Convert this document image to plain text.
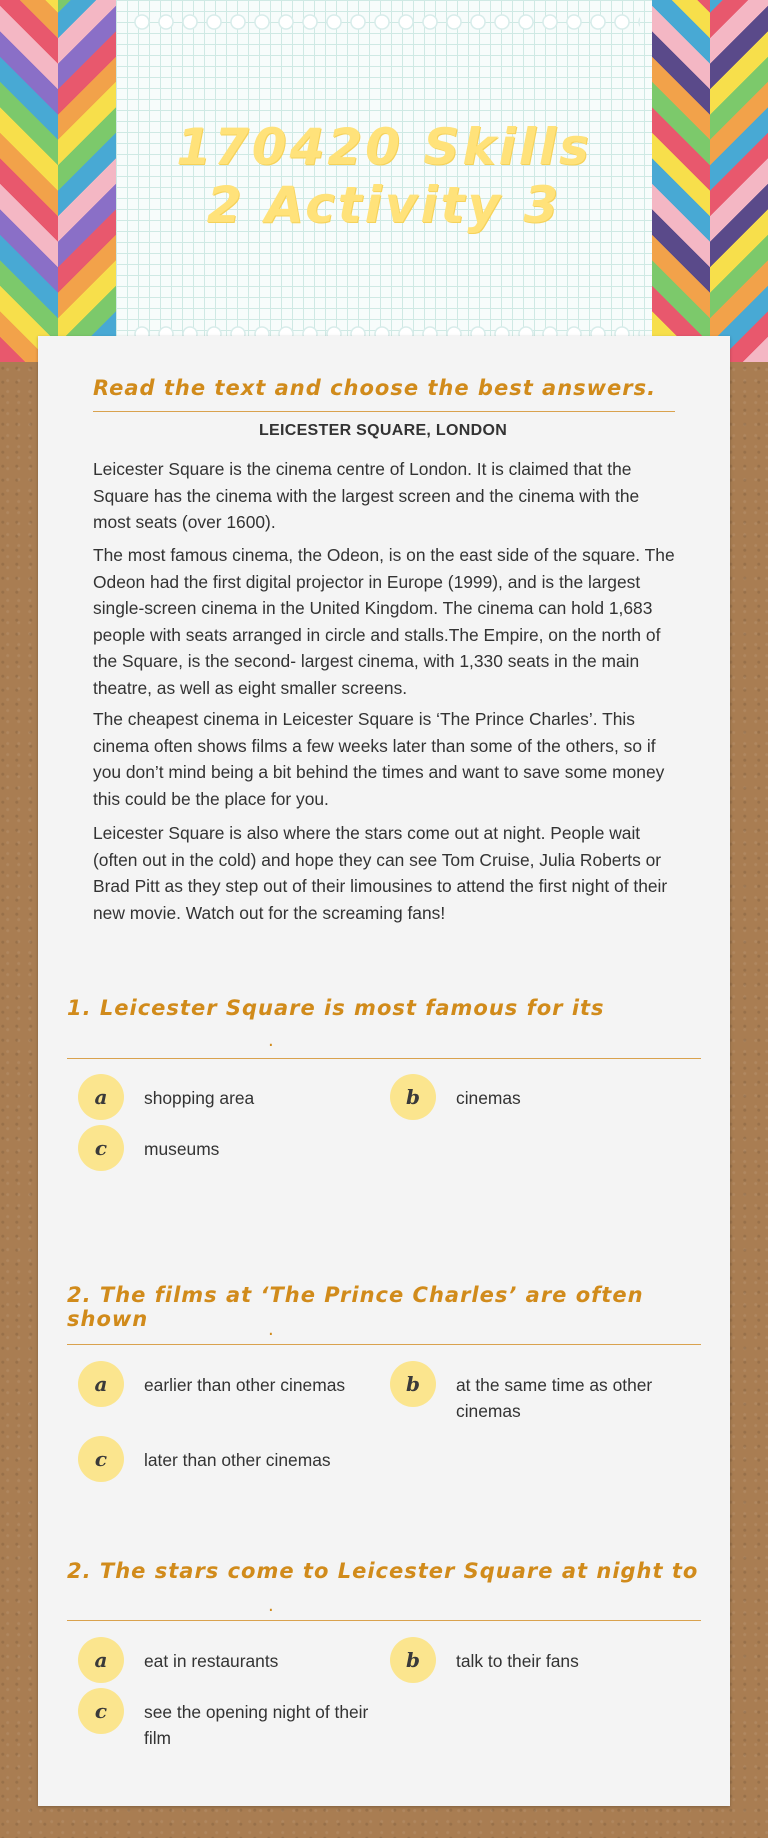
170420 Skills 2 Activity 3
Read the text and choose the best answers.
LEICESTER SQUARE, LONDON
Leicester Square is the cinema centre of London. It is claimed that the Square has the cinema with the largest screen and the cinema with the most seats (over 1600).
The most famous cinema, the Odeon, is on the east side of the square. The Odeon had the first digital projector in Europe (1999), and is the largest single-screen cinema in the United Kingdom. The cinema can hold 1,683 people with seats arranged in circle and stalls.The Empire, on the north of the Square, is the second- largest cinema, with 1,330 seats in the main theatre, as well as eight smaller screens.
The cheapest cinema in Leicester Square is ‘The Prince Charles’. This cinema often shows films a few weeks later than some of the others, so if you don’t mind being a bit behind the times and want to save some money this could be the place for you.
Leicester Square is also where the stars come out at night. People wait (often out in the cold) and hope they can see Tom Cruise, Julia Roberts or Brad Pitt as they step out of their limousines to attend the first night of their new movie. Watch out for the screaming fans!
1. Leicester Square is most famous for its
.
a	shopping area	b	cinemas
c	museums
2. The films at ‘The Prince Charles’ are often shown	.
a	earlier than other cinemas	b	at the same time as other cinemas
c	later than other cinemas
2. The stars come to Leicester Square at night to
.
a	eat in restaurants	b	talk to their fans
c	see the opening night of their film
